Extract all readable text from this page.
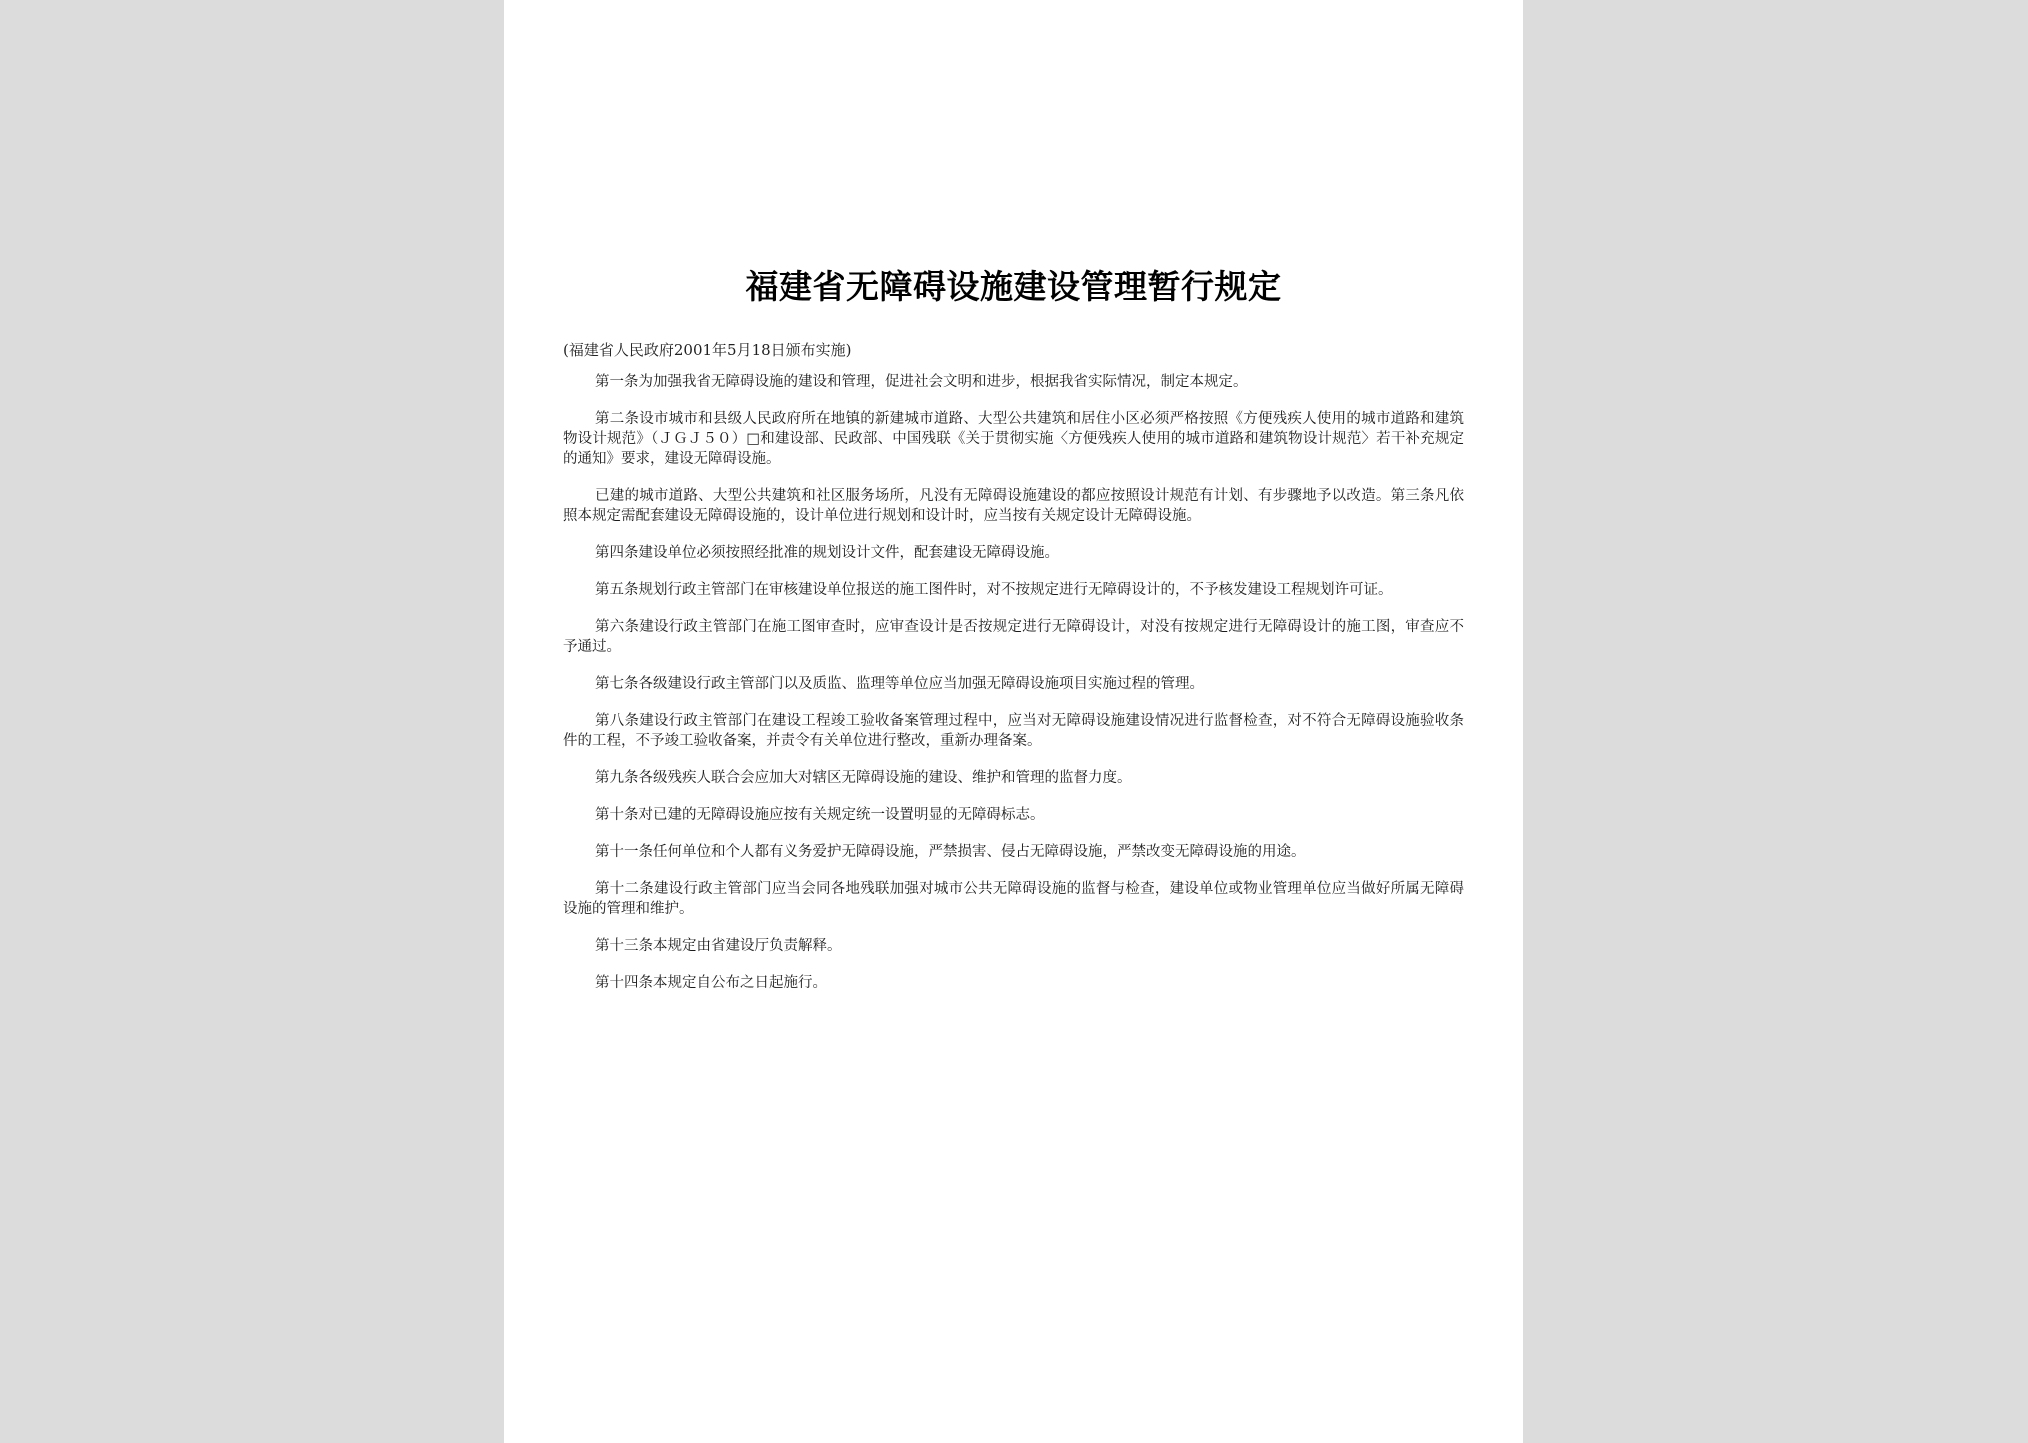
福建省无障碍设施建设管理暂行规定
(福建省人民政府2001年5月18日颁布实施)

第一条为加强我省无障碍设施的建设和管理，促进社会文明和进步，根据我省实际情况，制定本规定。

第二条设市城市和县级人民政府所在地镇的新建城市道路、大型公共建筑和居住小区必须严格按照《方便残疾人使用的城市道路和建筑物设计规范》（ＪＧＪ５０）□和建设部、民政部、中国残联《关于贯彻实施〈方便残疾人使用的城市道路和建筑物设计规范〉若干补充规定的通知》要求，建设无障碍设施。

已建的城市道路、大型公共建筑和社区服务场所，凡没有无障碍设施建设的都应按照设计规范有计划、有步骤地予以改造。第三条凡依照本规定需配套建设无障碍设施的，设计单位进行规划和设计时，应当按有关规定设计无障碍设施。

第四条建设单位必须按照经批准的规划设计文件，配套建设无障碍设施。

第五条规划行政主管部门在审核建设单位报送的施工图件时，对不按规定进行无障碍设计的，不予核发建设工程规划许可证。

第六条建设行政主管部门在施工图审查时，应审查设计是否按规定进行无障碍设计，对没有按规定进行无障碍设计的施工图，审查应不予通过。

第七条各级建设行政主管部门以及质监、监理等单位应当加强无障碍设施项目实施过程的管理。

第八条建设行政主管部门在建设工程竣工验收备案管理过程中，应当对无障碍设施建设情况进行监督检查，对不符合无障碍设施验收条件的工程，不予竣工验收备案，并责令有关单位进行整改，重新办理备案。

第九条各级残疾人联合会应加大对辖区无障碍设施的建设、维护和管理的监督力度。

第十条对已建的无障碍设施应按有关规定统一设置明显的无障碍标志。

第十一条任何单位和个人都有义务爱护无障碍设施，严禁损害、侵占无障碍设施，严禁改变无障碍设施的用途。

第十二条建设行政主管部门应当会同各地残联加强对城市公共无障碍设施的监督与检查，建设单位或物业管理单位应当做好所属无障碍设施的管理和维护。

第十三条本规定由省建设厅负责解释。

第十四条本规定自公布之日起施行。
